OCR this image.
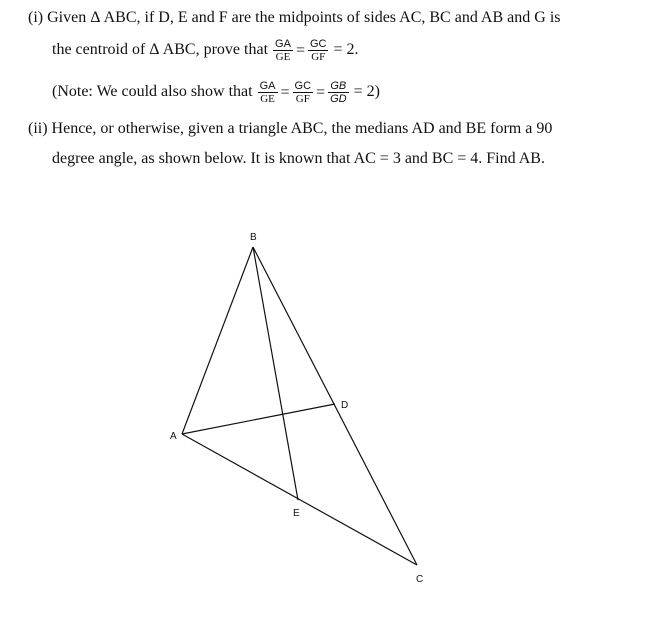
(i) Given Δ ABC, if D, E and F are the midpoints of sides AC, BC and AB and G is
the centroid of Δ ABC, prove that $\frac{GA}{GE} = \frac{GC}{GF} = 2$.
(Note: We could also show that $\frac{GA}{GE} = \frac{GC}{GF} = \frac{GB}{GD} = 2$)
(ii) Hence, or otherwise, given a triangle ABC, the medians AD and BE form a 90
degree angle, as shown below. It is known that AC = 3 and BC = 4. Find AB.
B
A
D
E
C
